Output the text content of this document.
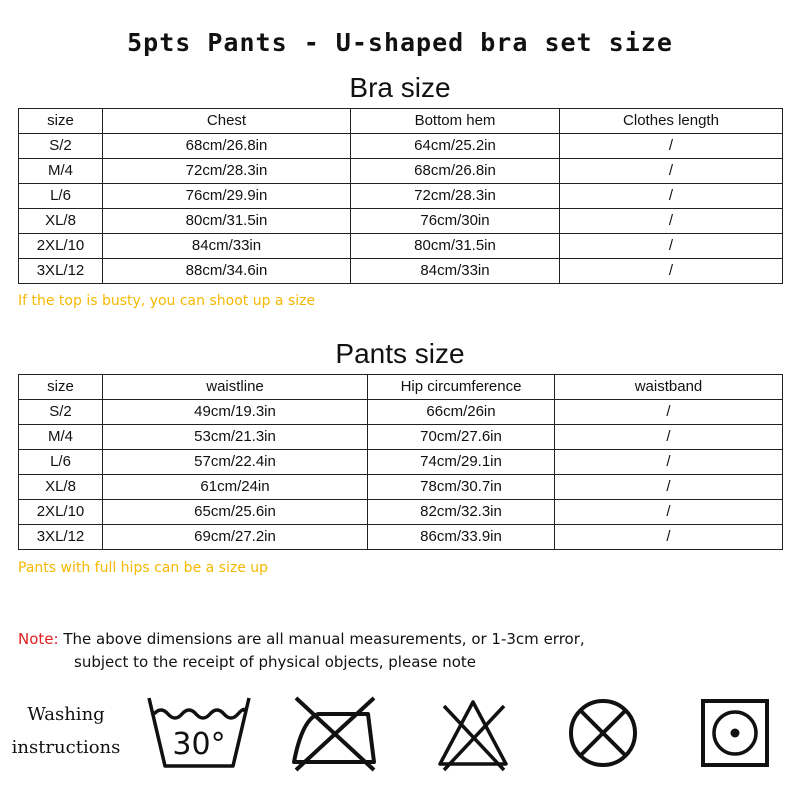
5pts Pants - U-shaped bra set size
Bra size
size	Chest	Bottom hem	Clothes length
S/2	68cm/26.8in	64cm/25.2in	/
M/4	72cm/28.3in	68cm/26.8in	/
L/6	76cm/29.9in	72cm/28.3in	/
XL/8	80cm/31.5in	76cm/30in	/
2XL/10	84cm/33in	80cm/31.5in	/
3XL/12	88cm/34.6in	84cm/33in	/
If the top is busty, you can shoot up a size
Pants size
size	waistline	Hip circumference	waistband
S/2	49cm/19.3in	66cm/26in	/
M/4	53cm/21.3in	70cm/27.6in	/
L/6	57cm/22.4in	74cm/29.1in	/
XL/8	61cm/24in	78cm/30.7in	/
2XL/10	65cm/25.6in	82cm/32.3in	/
3XL/12	69cm/27.2in	86cm/33.9in	/
Pants with full hips can be a size up
Note: The above dimensions are all manual measurements, or 1-3cm error,
subject to the receipt of physical objects, please note
Washing
instructions 30°
